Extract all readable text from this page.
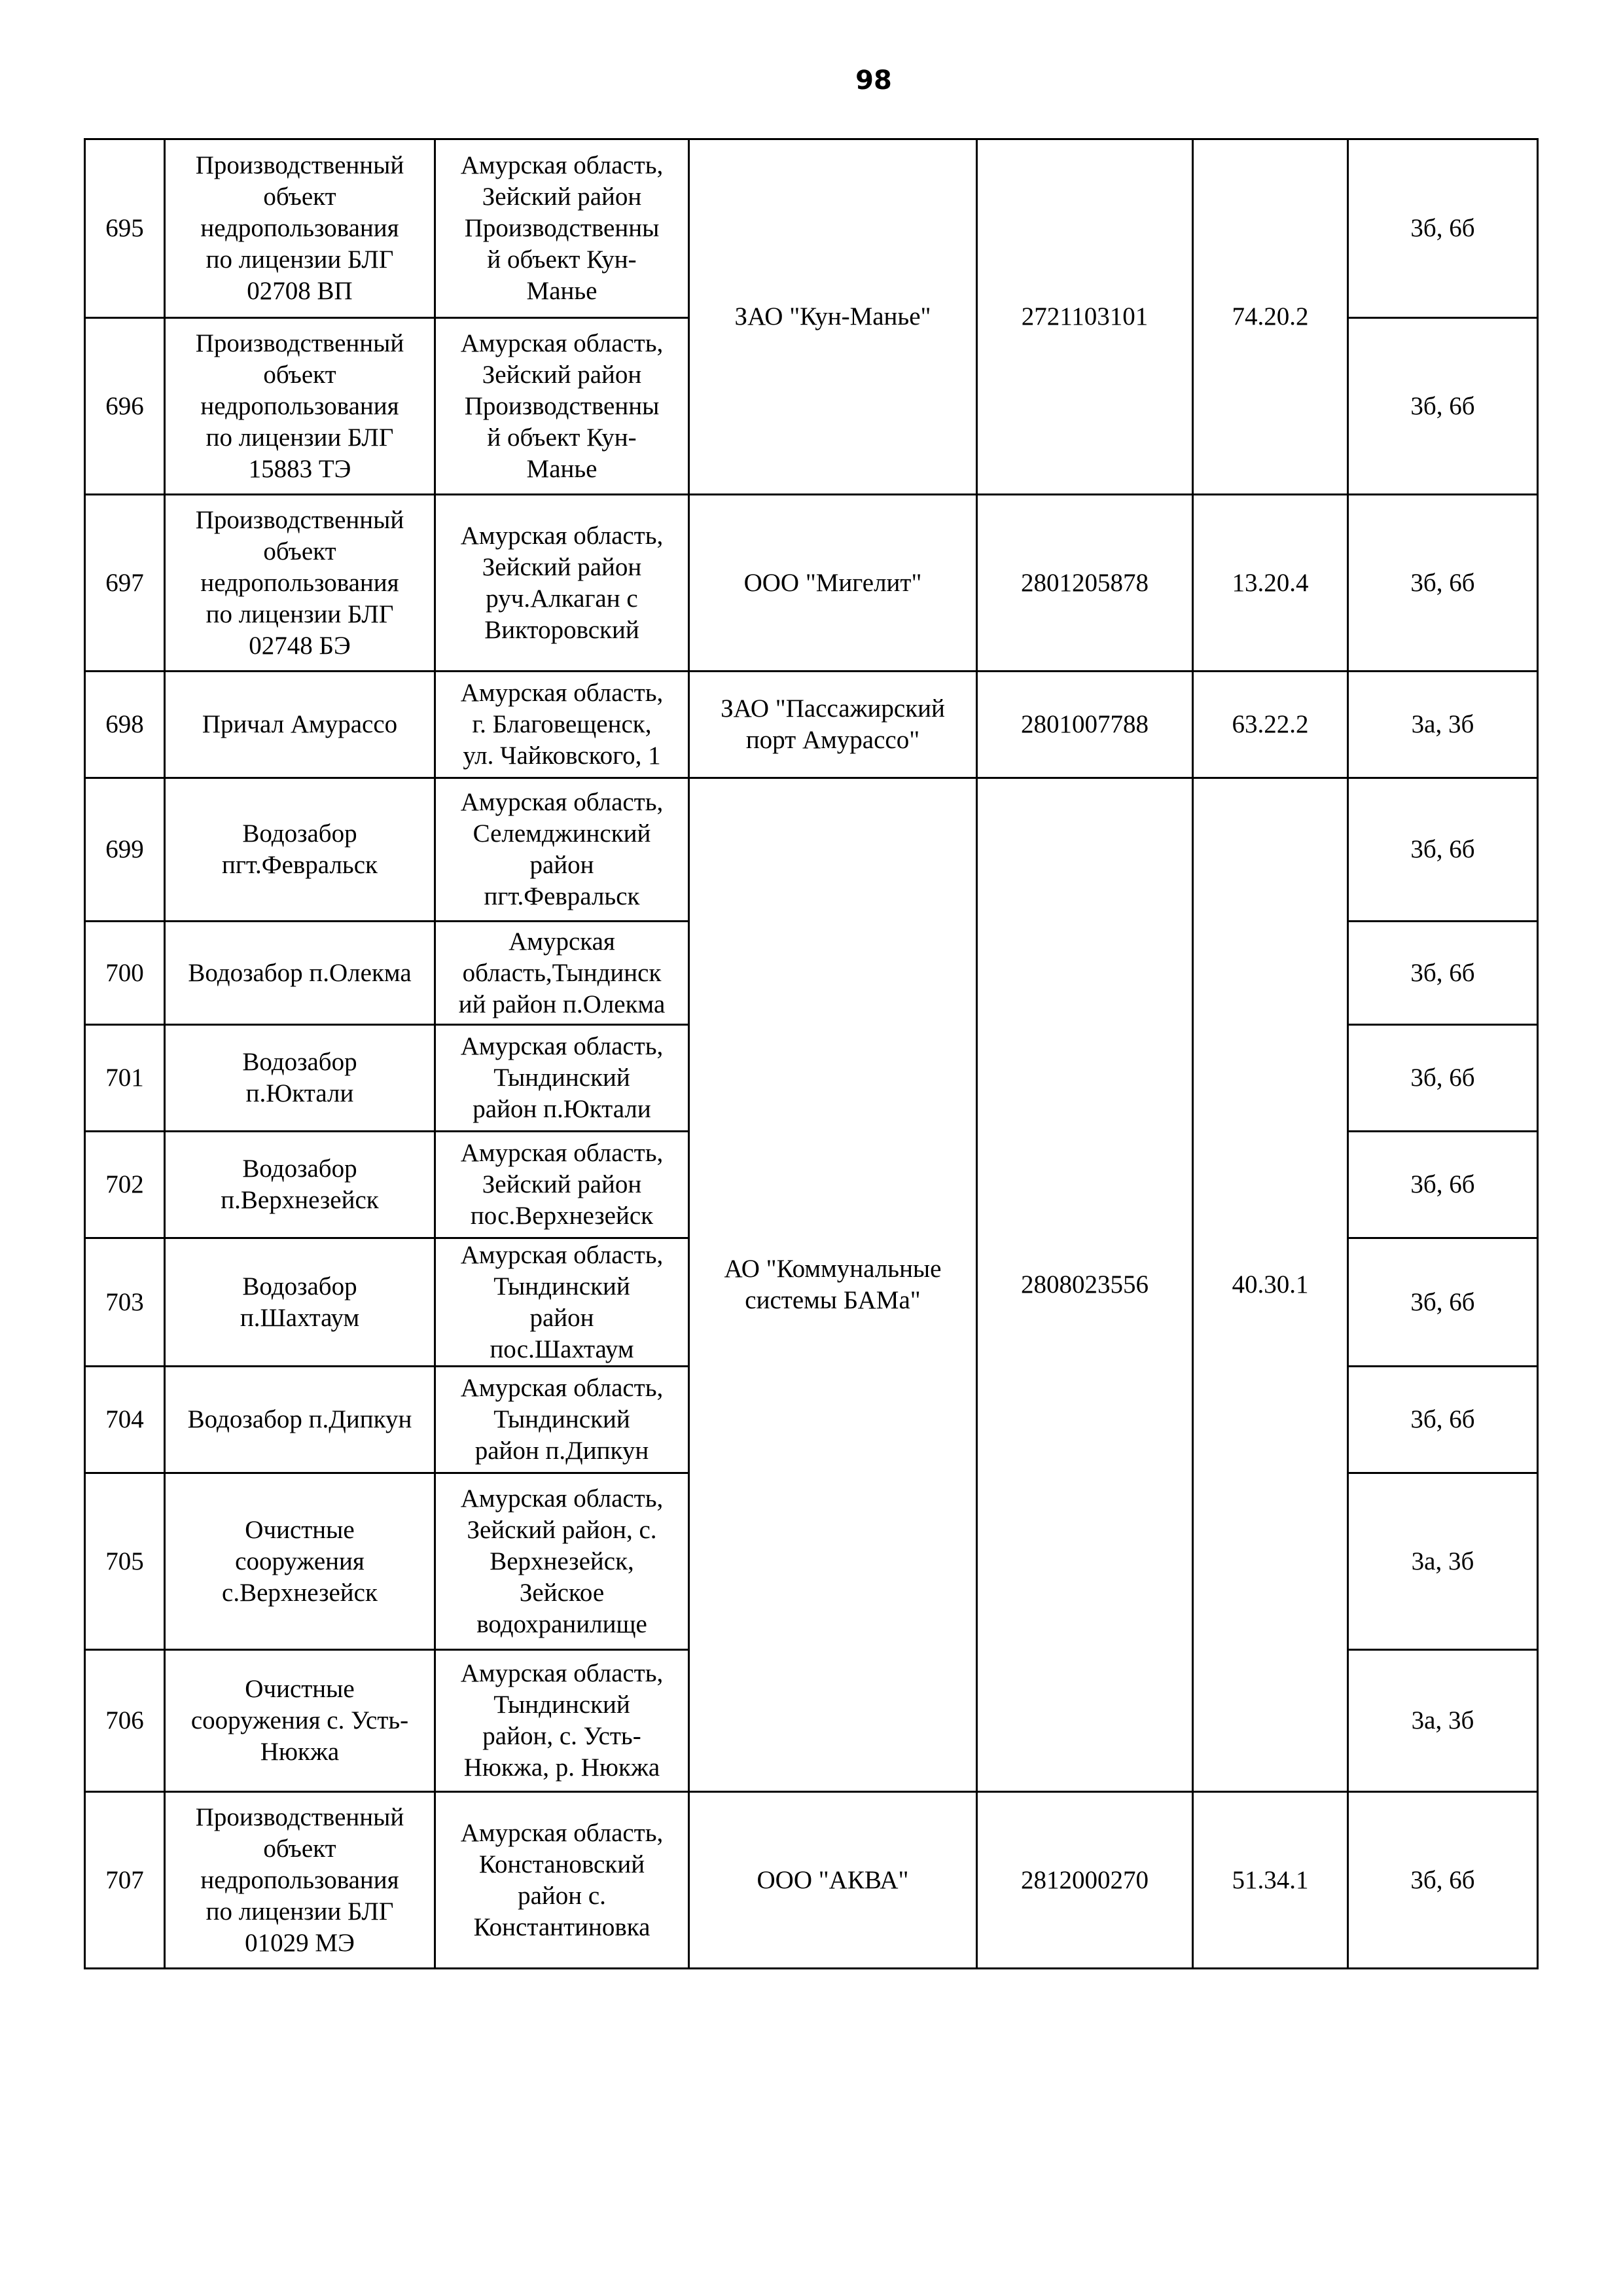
98
695	Производственный
объект
недропользования
по лицензии БЛГ
02708 ВП	Амурская область,
Зейский район
Производственны
й объект Кун-
Манье	ЗАО "Кун-Манье"	2721103101	74.20.2	3б, 6б
696	Производственный
объект
недропользования
по лицензии БЛГ
15883 ТЭ	Амурская область,
Зейский район
Производственны
й объект Кун-
Манье				3б, 6б
697	Производственный
объект
недропользования
по лицензии БЛГ
02748 БЭ	Амурская область,
Зейский район
руч.Алкаган с
Викторовский	ООО "Мигелит"	2801205878	13.20.4	3б, 6б
698	Причал Амурассо	Амурская область,
г. Благовещенск,
ул. Чайковского, 1	ЗАО "Пассажирский
порт Амурассо"	2801007788	63.22.2	3а, 3б
699	Водозабор
пгт.Февральск	Амурская область,
Селемджинский
район
пгт.Февральск	АО "Коммунальные
системы БАМа"	2808023556	40.30.1	3б, 6б
700	Водозабор п.Олекма	Амурская
область,Тындинск
ий район п.Олекма				3б, 6б
701	Водозабор
п.Юктали	Амурская область,
Тындинский
район п.Юктали				3б, 6б
702	Водозабор
п.Верхнезейск	Амурская область,
Зейский район
пос.Верхнезейск				3б, 6б
703	Водозабор
п.Шахтаум	Амурская область,
Тындинский
район
пос.Шахтаум				3б, 6б
704	Водозабор п.Дипкун	Амурская область,
Тындинский
район п.Дипкун				3б, 6б
705	Очистные
сооружения
с.Верхнезейск	Амурская область,
Зейский район, с.
Верхнезейск,
Зейское
водохранилище				3а, 3б
706	Очистные
сооружения с. Усть-
Нюкжа	Амурская область,
Тындинский
район, с. Усть-
Нюкжа, р. Нюкжа				3а, 3б
707	Производственный
объект
недропользования
по лицензии БЛГ
01029 МЭ	Амурская область,
Констановский
район с.
Константиновка	ООО "АКВА"	2812000270	51.34.1	3б, 6б
